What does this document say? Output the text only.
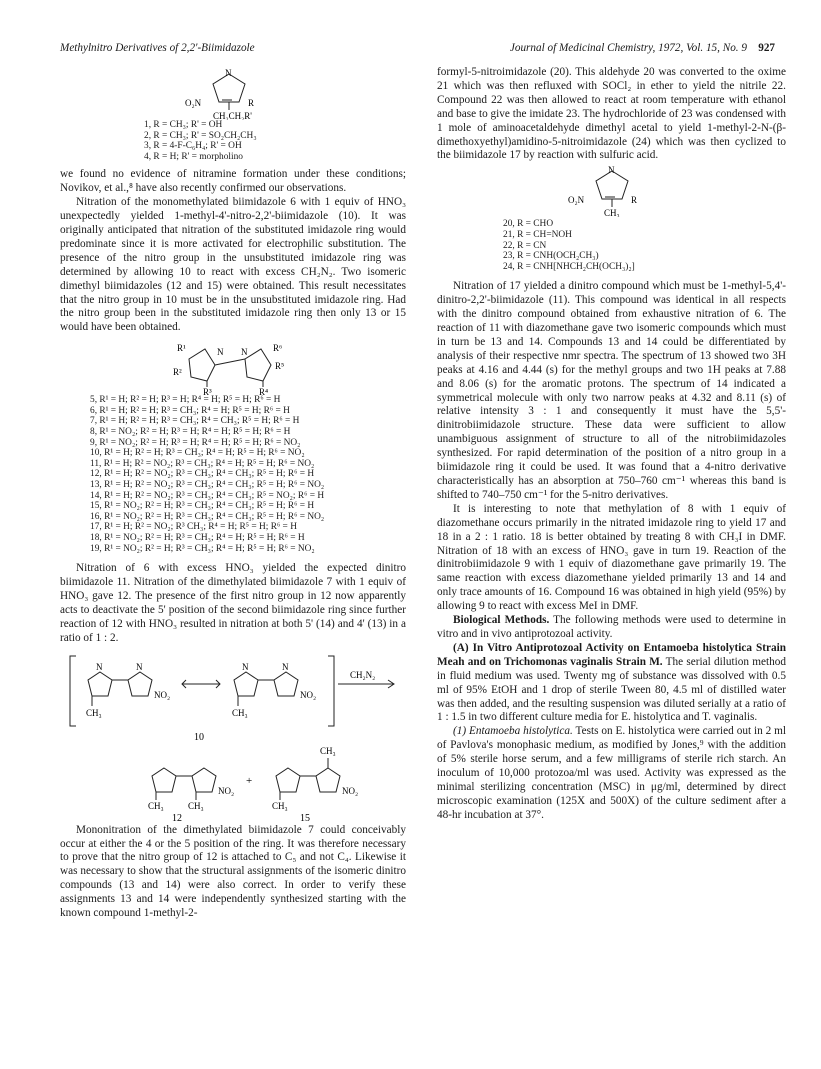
Methylnitro Derivatives of 2,2'-Biimidazole	Journal of Medicinal Chemistry, 1972, Vol. 15, No. 9 927
N
O₂N	R
CH₂CH₂R'
1, R = CH₃; R' = OH
2, R = CH₃; R' = SO₂CH₂CH₃
3, R = 4-F-C₆H₄; R' = OH
4, R = H; R' = morpholino

we found no evidence of nitramine formation under these conditions; Novikov, et al.,⁸ have also recently confirmed our observations.

Nitration of the monomethylated biimidazole 6 with 1 equiv of HNO₃ unexpectedly yielded 1-methyl-4'-nitro-2,2'-biimidazole (10). It was originally anticipated that nitration of the substituted imidazole ring would predominate since it is more activated for electrophilic substitution. The presence of the nitro group in the unsubstituted imidazole ring was determined by allowing 10 to react with excess CH₂N₂. Two isomeric dimethyl biimidazoles (12 and 15) were obtained. This result necessitates that the nitro group in 10 must be in the unsubstituted imidazole ring. Had the nitro group been in the substituted imidazole ring then only 13 or 15 would have been obtained.

R¹
R²
R³	R⁴
R⁵
R⁶
N N
5, R¹ = H; R² = H; R³ = H; R⁴ = H; R⁵ = H; R⁶ = H
6, R¹ = H; R² = H; R³ = CH₃; R⁴ = H; R⁵ = H; R⁶ = H
7, R¹ = H; R² = H; R³ = CH₃; R⁴ = CH₃; R⁵ = H; R⁶ = H
8, R¹ = NO₂; R² = H; R³ = H; R⁴ = H; R⁵ = H; R⁶ = H
9, R¹ = NO₂; R² = H; R³ = H; R⁴ = H; R⁵ = H; R⁶ = NO₂
10, R¹ = H; R² = H; R³ = CH₃; R⁴ = H; R⁵ = H; R⁶ = NO₂
11, R¹ = H; R² = NO₂; R³ = CH₃; R⁴ = H; R⁵ = H; R⁶ = NO₂
12, R¹ = H; R² = NO₂; R³ = CH₃; R⁴ = CH₃; R⁵ = H; R⁶ = H
13, R¹ = H; R² = NO₂; R³ = CH₃; R⁴ = CH₃; R⁵ = H; R⁶ = NO₂
14, R¹ = H; R² = NO₂; R³ = CH₃; R⁴ = CH₃; R⁵ = NO₂; R⁶ = H
15, R¹ = NO₂; R² = H; R³ = CH₃; R⁴ = CH₃; R⁵ = H; R⁶ = H
16, R¹ = NO₂; R² = H; R³ = CH₃; R⁴ = CH₃; R⁵ = H; R⁶ = NO₂
17, R¹ = H; R² = NO₂; R³ CH₃; R⁴ = H; R⁵ = H; R⁶ = H
18, R¹ = NO₂; R² = H; R³ = CH₃; R⁴ = H; R⁵ = H; R⁶ = H
19, R¹ = NO₂; R² = H; R³ = CH₃; R⁴ = H; R⁵ = H; R⁶ = NO₂

Nitration of 6 with excess HNO₃ yielded the expected dinitro biimidazole 11. Nitration of the dimethylated biimidazole 7 with 1 equiv of HNO₃ gave 12. The presence of the first nitro group in 12 now apparently acts to deactivate the 5' position of the second biimidazole ring since further reaction of 12 with HNO₃ resulted in nitration at both 5' (14) and 4' (13) in a ratio of 1 : 2.

CH₂N₂
NO₂	NO₂
CH₃	CH₃
N	N	N	N
10
NO₂	NO₂
CH₃	CH₃	CH₃
CH₃
+
12	15

Mononitration of the dimethylated biimidazole 7 could conceivably occur at either the 4 or the 5 position of the ring. It was therefore necessary to prove that the nitro group of 12 is attached to C₅ and not C₄. Likewise it was necessary to show that the structural assignments of the isomeric dinitro compounds (13 and 14) were also correct. In order to verify these assignments 13 and 14 were independently synthesized starting with the known compound 1-methyl-2-

formyl-5-nitroimidazole (20). This aldehyde 20 was converted to the oxime 21 which was then refluxed with SOCl₂ in ether to yield the nitrile 22. Compound 22 was then allowed to react at room temperature with ethanol and base to give the imidate 23. The hydrochloride of 23 was condensed with 1 mole of aminoacetaldehyde dimethyl acetal to yield 1-methyl-2-N-(β-dimethoxyethyl)amidino-5-nitroimidazole (24) which was then cyclized to the biimidazole 17 by reaction with sulfuric acid.

N
O₂N	R
CH₃
20, R = CHO
21, R = CH=NOH
22, R = CN
23, R = CNH(OCH₂CH₃)
24, R = CNH[NHCH₂CH(OCH₃)₂]

Nitration of 17 yielded a dinitro compound which must be 1-methyl-5,4'-dinitro-2,2'-biimidazole (11). This compound was identical in all respects with the dinitro compound obtained from exhaustive nitration of 6. The reaction of 11 with diazomethane gave two isomeric compounds which must in turn be 13 and 14. Compounds 13 and 14 could be differentiated by analysis of their respective nmr spectra. The spectrum of 13 showed two 3H peaks at 4.16 and 4.44 (s) for the methyl groups and two 1H peaks at 7.88 and 8.06 (s) for the aromatic protons. The spectrum of 14 indicated a symmetrical molecule with only two narrow peaks at 4.32 and 8.11 (s) of relative intensity 3 : 1 and consequently it must have the 5,5'-dinitrobiimidazole structure. These data were sufficient to allow unambiguous assignment of structure to all of the nitrobiimidazoles synthesized. For rapid determination of the position of a nitro group in a biimidazole ring it could be used. It was found that a 4-nitro derivative characteristically has an absorption at 750–760 cm⁻¹ whereas this band is shifted to 740–750 cm⁻¹ for the 5-nitro derivatives.

It is interesting to note that methylation of 8 with 1 equiv of diazomethane occurs primarily in the nitrated imidazole ring to yield 17 and 18 in a 2 : 1 ratio. 18 is better obtained by treating 8 with CH₃I in DMF. Nitration of 18 with an excess of HNO₃ gave in turn 19. Reaction of the dinitrobiimidazole 9 with 1 equiv of diazomethane gave primarily 19. The same reaction with excess diazomethane yielded primarily 13 and 14 and only trace amounts of 16. Compound 16 was obtained in high yield (95%) by allowing 9 to react with excess MeI in DMF.

Biological Methods. The following methods were used to determine in vitro and in vivo antiprotozoal activity.

(A) In Vitro Antiprotozoal Activity on Entamoeba histolytica Strain Meah and on Trichomonas vaginalis Strain M. The serial dilution method in fluid medium was used. Twenty mg of substance was dissolved with 0.5 ml of 95% EtOH and 1 drop of sterile Tween 80, 4.5 ml of distilled water was then added, and the resulting suspension was diluted serially at a ratio of 1 : 1.5 in two different culture media for E. histolytica and T. vaginalis.

(1) Entamoeba histolytica. Tests on E. histolytica were carried out in 2 ml of Pavlova's monophasic medium, as modified by Jones,⁹ with the addition of 5% sterile horse serum, and a few milligrams of sterile rich starch. An inoculum of 10,000 protozoa/ml was used. Activity was expressed as the minimal sterilizing concentration (MSC) in μg/ml, determined by direct microscopic examination (125X and 500X) of the culture sediment after a 48-hr incubation at 37°.
